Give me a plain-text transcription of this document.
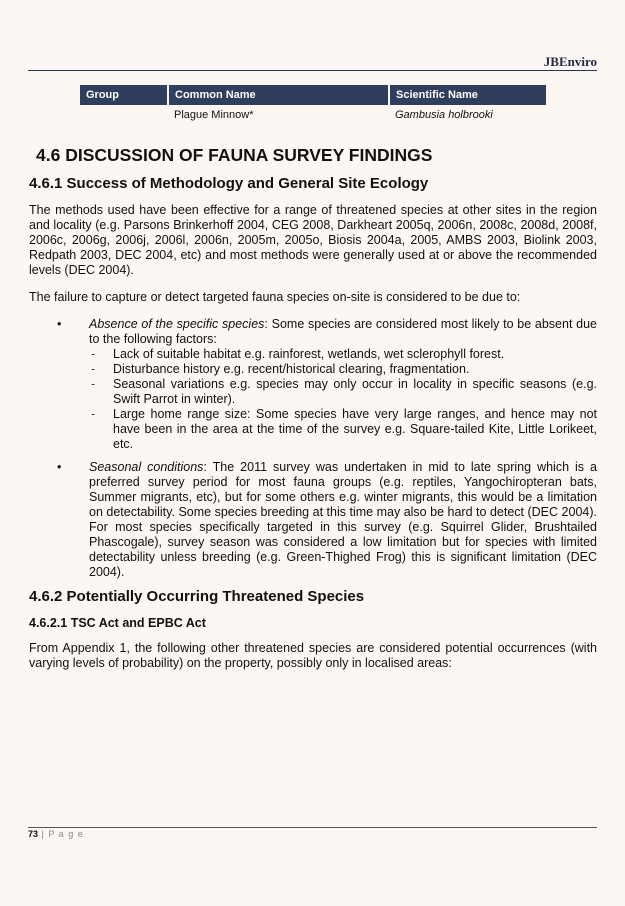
JBEnviro
Group	Common Name	Scientific Name
	Plague Minnow*	Gambusia holbrooki
4.6 DISCUSSION OF FAUNA SURVEY FINDINGS
4.6.1 Success of Methodology and General Site Ecology

The methods used have been effective for a range of threatened species at other sites in the region and locality (e.g. Parsons Brinkerhoff 2004, CEG 2008, Darkheart 2005q, 2006n, 2008c, 2008d, 2008f, 2006c, 2006g, 2006j, 2006l, 2006n, 2005m, 2005o, Biosis 2004a, 2005, AMBS 2003, Biolink 2003, Redpath 2003, DEC 2004, etc) and most methods were generally used at or above the recommended levels (DEC 2004).

The failure to capture or detect targeted fauna species on-site is considered to be due to:

• Absence of the specific species: Some species are considered most likely to be absent due to the following factors:
- Lack of suitable habitat e.g. rainforest, wetlands, wet sclerophyll forest.
- Disturbance history e.g. recent/historical clearing, fragmentation.
- Seasonal variations e.g. species may only occur in locality in specific seasons (e.g. Swift Parrot in winter).
- Large home range size: Some species have very large ranges, and hence may not have been in the area at the time of the survey e.g. Square-tailed Kite, Little Lorikeet, etc.
• Seasonal conditions: The 2011 survey was undertaken in mid to late spring which is a preferred survey period for most fauna groups (e.g. reptiles, Yangochiropteran bats, Summer migrants, etc), but for some others e.g. winter migrants, this would be a limitation on detectability. Some species breeding at this time may also be hard to detect (DEC 2004). For most species specifically targeted in this survey (e.g. Squirrel Glider, Brushtailed Phascogale), survey season was considered a low limitation but for species with limited detectability unless breeding (e.g. Green-Thighed Frog) this is significant limitation (DEC 2004).
4.6.2 Potentially Occurring Threatened Species
4.6.2.1 TSC Act and EPBC Act

From Appendix 1, the following other threatened species are considered potential occurrences (with varying levels of probability) on the property, possibly only in localised areas:

73 | P a g e
